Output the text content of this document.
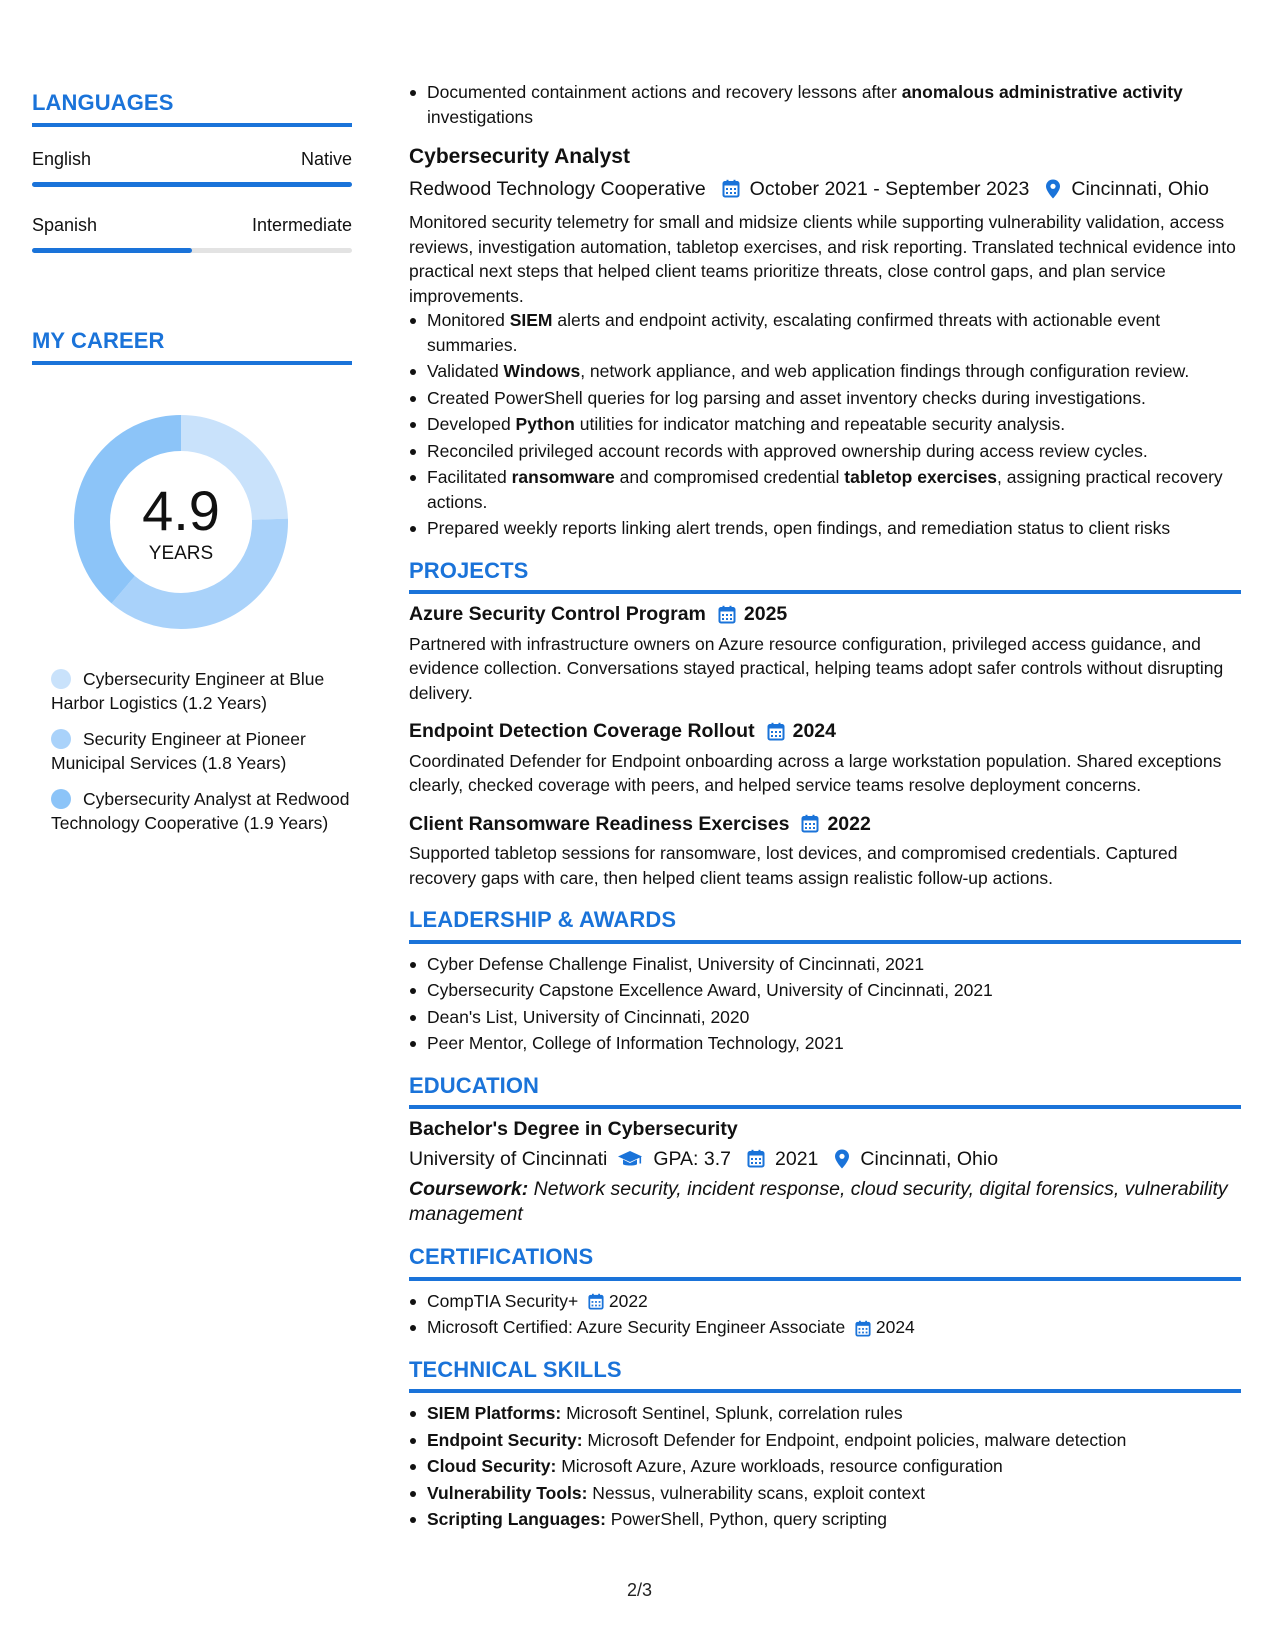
LANGUAGES
English	Native
Spanish	Intermediate
MY CAREER
4.9
YEARS
Cybersecurity Engineer at Blue Harbor Logistics (1.2 Years)
Security Engineer at Pioneer Municipal Services (1.8 Years)
Cybersecurity Analyst at Redwood Technology Cooperative (1.9 Years)
Documented containment actions and recovery lessons after anomalous administrative activity investigations
Cybersecurity Analyst
Redwood Technology Cooperative October 2021 - September 2023 Cincinnati, Ohio
Monitored security telemetry for small and midsize clients while supporting vulnerability validation, access reviews, investigation automation, tabletop exercises, and risk reporting. Translated technical evidence into practical next steps that helped client teams prioritize threats, close control gaps, and plan service improvements.
Monitored SIEM alerts and endpoint activity, escalating confirmed threats with actionable event summaries.
Validated Windows, network appliance, and web application findings through configuration review.
Created PowerShell queries for log parsing and asset inventory checks during investigations.
Developed Python utilities for indicator matching and repeatable security analysis.
Reconciled privileged account records with approved ownership during access review cycles.
Facilitated ransomware and compromised credential tabletop exercises, assigning practical recovery actions.
Prepared weekly reports linking alert trends, open findings, and remediation status to client risks
PROJECTS
Azure Security Control Program 2025
Partnered with infrastructure owners on Azure resource configuration, privileged access guidance, and evidence collection. Conversations stayed practical, helping teams adopt safer controls without disrupting delivery.
Endpoint Detection Coverage Rollout 2024
Coordinated Defender for Endpoint onboarding across a large workstation population. Shared exceptions clearly, checked coverage with peers, and helped service teams resolve deployment concerns.
Client Ransomware Readiness Exercises 2022
Supported tabletop sessions for ransomware, lost devices, and compromised credentials. Captured recovery gaps with care, then helped client teams assign realistic follow-up actions.
LEADERSHIP & AWARDS
Cyber Defense Challenge Finalist, University of Cincinnati, 2021
Cybersecurity Capstone Excellence Award, University of Cincinnati, 2021
Dean's List, University of Cincinnati, 2020
Peer Mentor, College of Information Technology, 2021
EDUCATION
Bachelor's Degree in Cybersecurity
University of Cincinnati GPA: 3.7 2021 Cincinnati, Ohio
Coursework: Network security, incident response, cloud security, digital forensics, vulnerability management
CERTIFICATIONS
CompTIA Security+ 2022
Microsoft Certified: Azure Security Engineer Associate 2024
TECHNICAL SKILLS
SIEM Platforms: Microsoft Sentinel, Splunk, correlation rules
Endpoint Security: Microsoft Defender for Endpoint, endpoint policies, malware detection
Cloud Security: Microsoft Azure, Azure workloads, resource configuration
Vulnerability Tools: Nessus, vulnerability scans, exploit context
Scripting Languages: PowerShell, Python, query scripting
2/3
